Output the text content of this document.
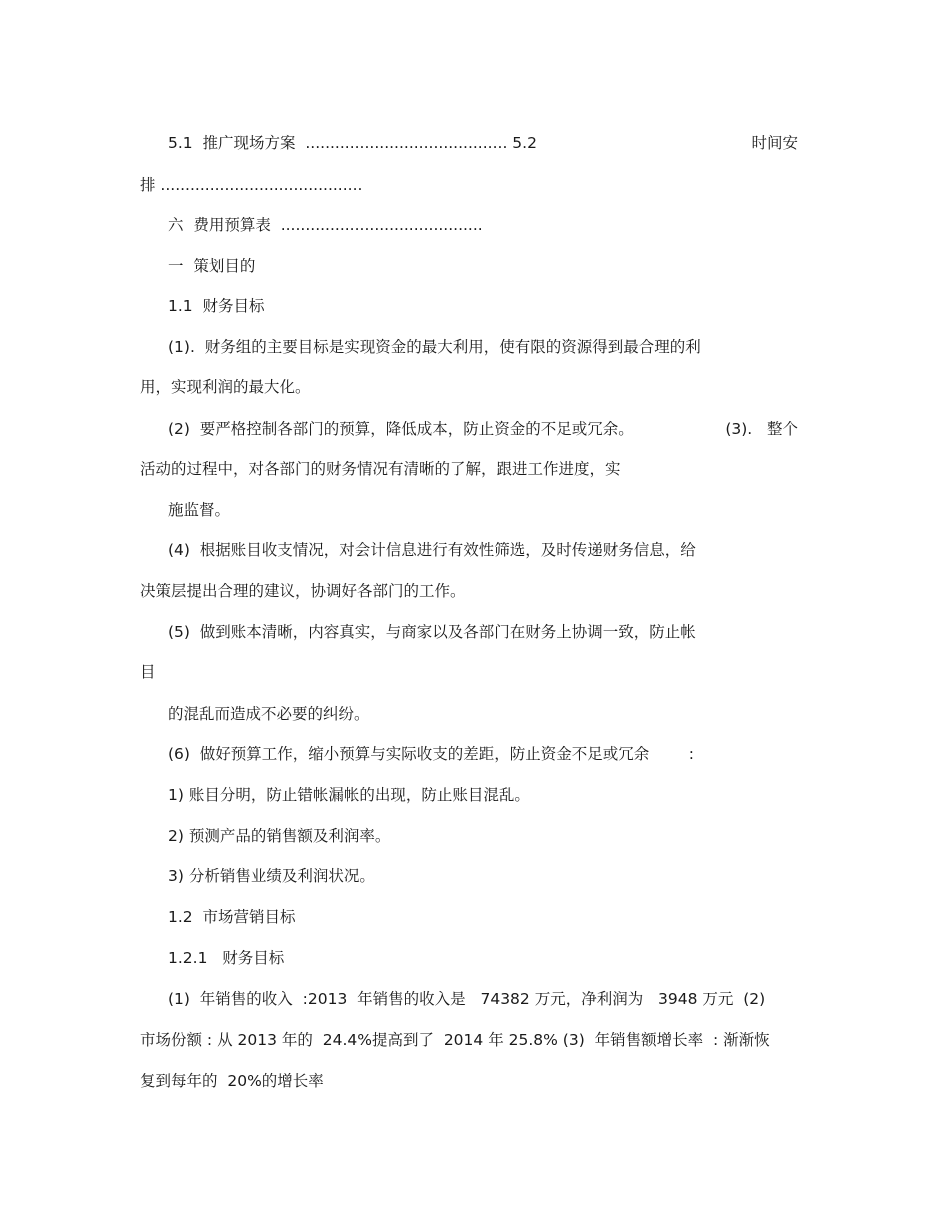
5.1  推广现场方案  ......................................... 5.2	时间安
排 .........................................
六  费用预算表  .........................................
一  策划目的
1.1  财务目标
(1).  财务组的主要目标是实现资金的最大利用，使有限的资源得到最合理的利
用，实现利润的最大化。
(2)  要严格控制各部门的预算，降低成本，防止资金的不足或冗余。	(3).   整个
活动的过程中，对各部门的财务情况有清晰的了解，跟进工作进度，实
施监督。
(4)  根据账目收支情况，对会计信息进行有效性筛选，及时传递财务信息，给
决策层提出合理的建议，协调好各部门的工作。
(5)  做到账本清晰，内容真实，与商家以及各部门在财务上协调一致，防止帐
目
的混乱而造成不必要的纠纷。
(6)  做好预算工作，缩小预算与实际收支的差距，防止资金不足或冗余        :
1) 账目分明，防止错帐漏帐的出现，防止账目混乱。
2) 预测产品的销售额及利润率。
3) 分析销售业绩及利润状况。
1.2  市场营销目标
1.2.1   财务目标
(1)  年销售的收入  :2013  年销售的收入是   74382 万元，净利润为   3948 万元  (2)
市场份额 : 从 2013 年的  24.4%提高到了  2014 年 25.8% (3)  年销售额增长率  : 渐渐恢
复到每年的  20%的增长率
